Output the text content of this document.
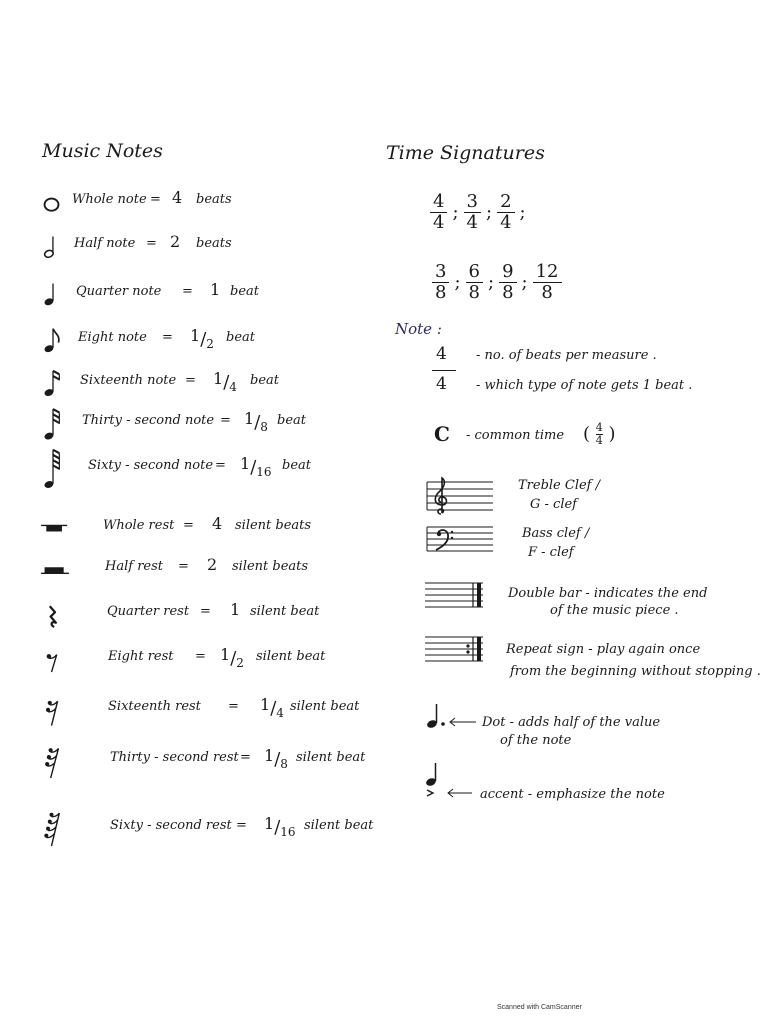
Music Notes
Whole note = 4 beats
Half note = 2 beats
Quarter note = 1 beat
Eight note = 1/2 beat
Sixteenth note = 1/4 beat
Thirty - second note = 1/8 beat
Sixty - second note = 1/16 beat
Whole rest = 4 silent beats
Half rest = 2 silent beats
Quarter rest = 1 silent beat
Eight rest = 1/2 silent beat
Sixteenth rest = 1/4 silent beat
Thirty - second rest = 1/8 silent beat
Sixty - second rest = 1/16 silent beat
Time Signatures
$\frac{4}{4}$ ; $\frac{3}{4}$ ; $\frac{2}{4}$ ;
$\frac{3}{8}$ ; $\frac{6}{8}$ ; $\frac{9}{8}$ ; $\frac{12}{8}$
Note :
4
4
- no. of beats per measure .
- which type of note gets 1 beat .
C - common time ( $\frac{4}{4}$ )
Treble Clef /
G - clef
Bass clef /
F - clef
Double bar - indicates the end
of the music piece .
Repeat sign - play again once
from the beginning without stopping .
Dot - adds half of the value
of the note
accent - emphasize the note
Scanned with CamScanner
